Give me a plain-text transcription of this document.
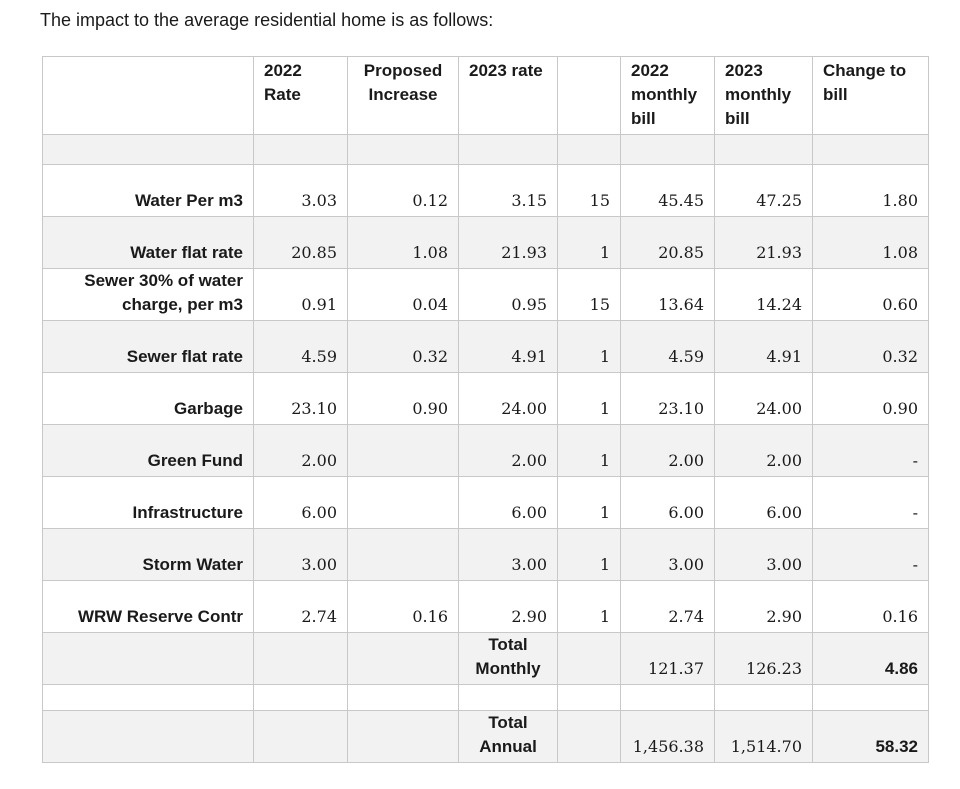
The impact to the average residential home is as follows:
	2022 Rate	Proposed Increase	2023 rate		2022 monthly bill	2023 monthly bill	Change to bill

Water Per m3	3.03	0.12	3.15	15	45.45	47.25	1.80
Water flat rate	20.85	1.08	21.93	1	20.85	21.93	1.08
Sewer 30% of water charge, per m3	0.91	0.04	0.95	15	13.64	14.24	0.60
Sewer flat rate	4.59	0.32	4.91	1	4.59	4.91	0.32
Garbage	23.10	0.90	24.00	1	23.10	24.00	0.90
Green Fund	2.00		2.00	1	2.00	2.00	-
Infrastructure	6.00		6.00	1	6.00	6.00	-
Storm Water	3.00		3.00	1	3.00	3.00	-
WRW Reserve Contr	2.74	0.16	2.90	1	2.74	2.90	0.16
			Total Monthly		121.37	126.23	4.86

			Total Annual		1,456.38	1,514.70	58.32
